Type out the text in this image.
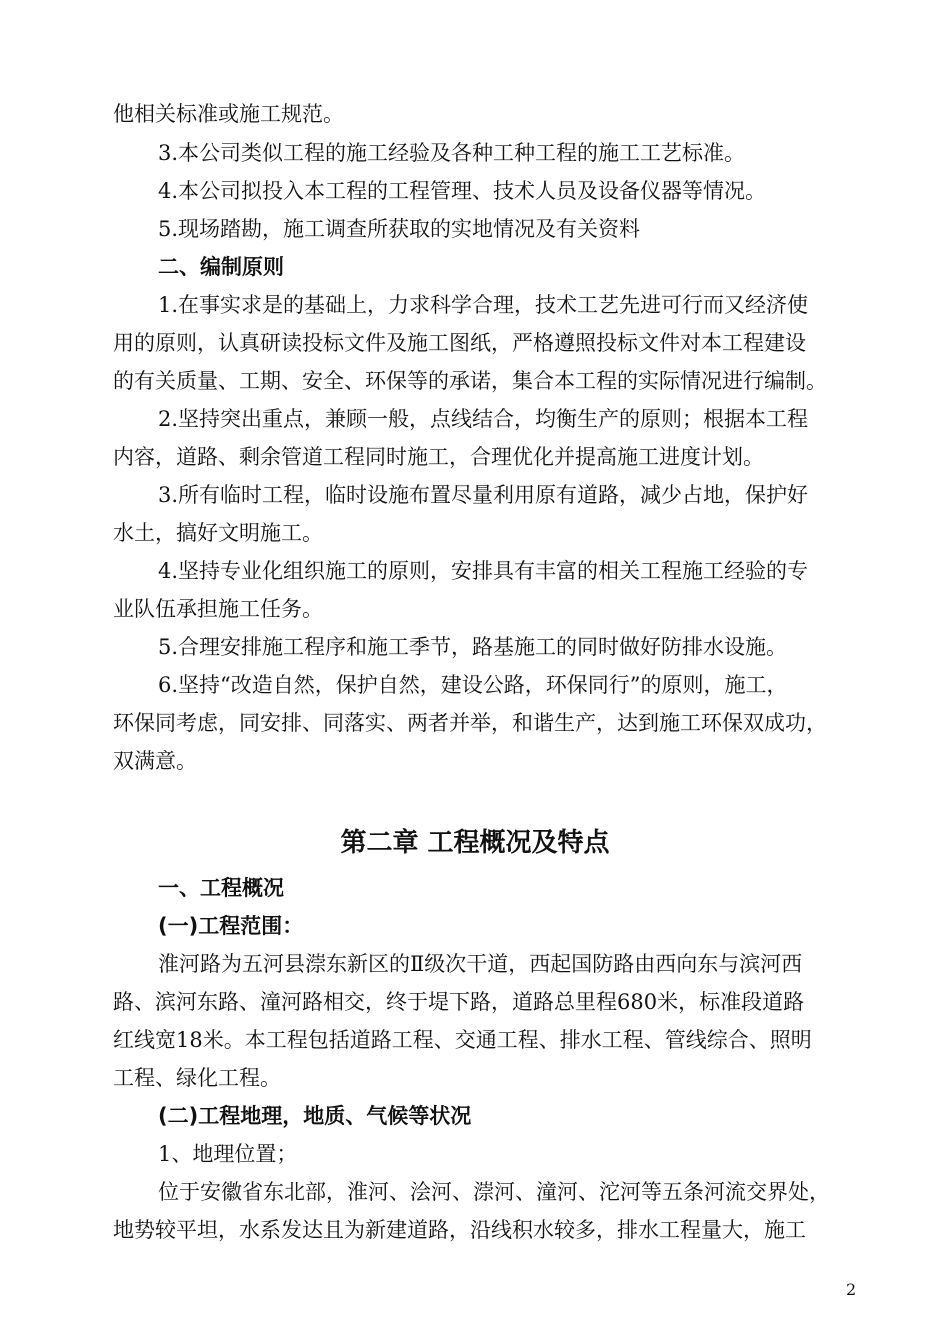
他相关标准或施工规范。
3.本公司类似工程的施工经验及各种工种工程的施工工艺标准。
4.本公司拟投入本工程的工程管理、技术人员及设备仪器等情况。
5.现场踏勘，施工调查所获取的实地情况及有关资料
二、编制原则
1.在事实求是的基础上，力求科学合理，技术工艺先进可行而又经济使
用的原则，认真研读投标文件及施工图纸，严格遵照投标文件对本工程建设
的有关质量、工期、安全、环保等的承诺，集合本工程的实际情况进行编制。
2.坚持突出重点，兼顾一般，点线结合，均衡生产的原则；根据本工程
内容，道路、剩余管道工程同时施工，合理优化并提高施工进度计划。
3.所有临时工程，临时设施布置尽量利用原有道路，减少占地，保护好
水土，搞好文明施工。
4.坚持专业化组织施工的原则，安排具有丰富的相关工程施工经验的专
业队伍承担施工任务。
5.合理安排施工程序和施工季节，路基施工的同时做好防排水设施。
6.坚持“改造自然，保护自然，建设公路，环保同行”的原则，施工，
环保同考虑，同安排、同落实、两者并举，和谐生产，达到施工环保双成功，
双满意。
第二章 工程概况及特点
一、工程概况
(一)工程范围：
淮河路为五河县漴东新区的Ⅱ级次干道，西起国防路由西向东与滨河西
路、滨河东路、潼河路相交，终于堤下路，道路总里程680米，标准段道路
红线宽18米。本工程包括道路工程、交通工程、排水工程、管线综合、照明
工程、绿化工程。
(二)工程地理，地质、气候等状况
1、地理位置；
位于安徽省东北部，淮河、浍河、漴河、潼河、沱河等五条河流交界处，
地势较平坦，水系发达且为新建道路，沿线积水较多，排水工程量大，施工
2
